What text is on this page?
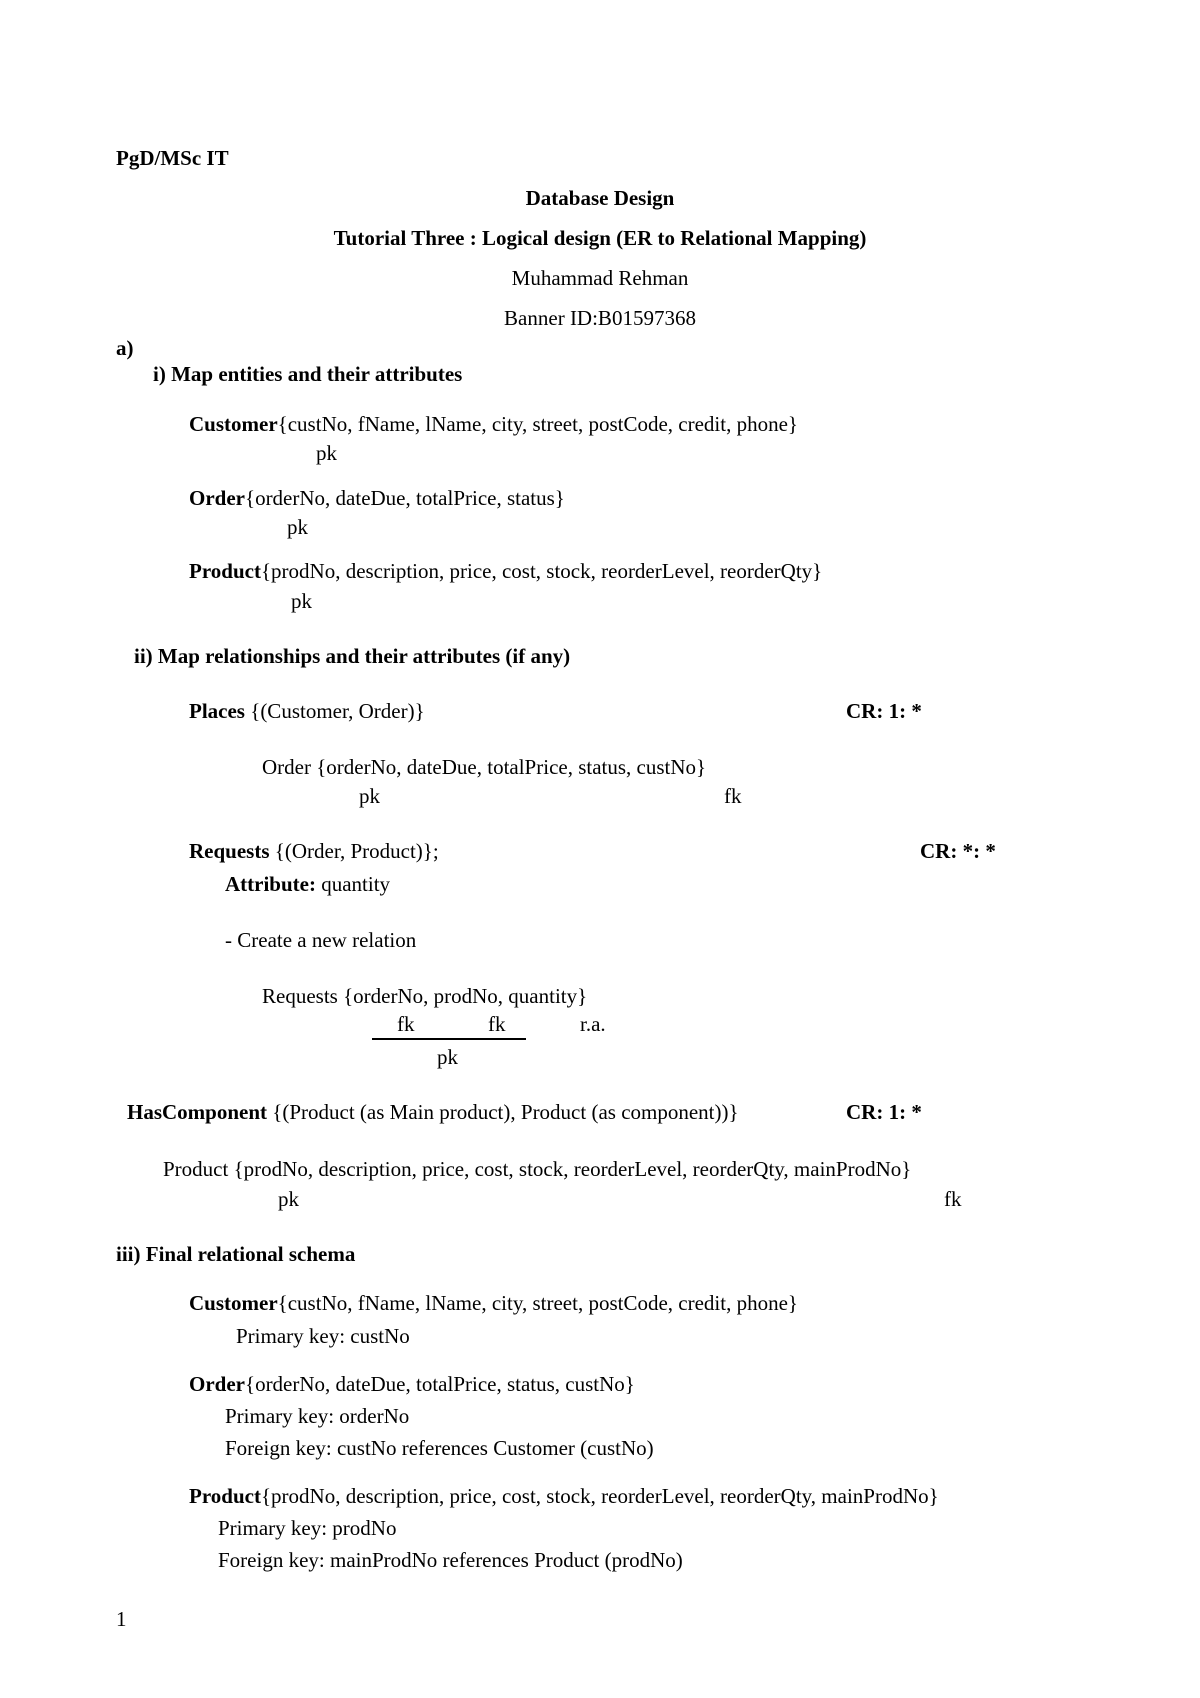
PgD/MSc IT
Database Design
Tutorial Three : Logical design (ER to Relational Mapping)
Muhammad Rehman
Banner ID:B01597368
a)
i) Map entities and their attributes
Customer{custNo, fName, lName, city, street, postCode, credit, phone}
pk
Order{orderNo, dateDue, totalPrice, status}
pk
Product{prodNo, description, price, cost, stock, reorderLevel, reorderQty}
pk
ii) Map relationships and their attributes (if any)
Places {(Customer, Order)}	CR: 1: *
Order {orderNo, dateDue, totalPrice, status, custNo}
pk	fk
Requests {(Order, Product)};	CR: *: *
Attribute: quantity
- Create a new relation
Requests {orderNo, prodNo, quantity}
fk	fk	r.a.
pk
HasComponent {(Product (as Main product), Product (as component))}	CR: 1: *
Product {prodNo, description, price, cost, stock, reorderLevel, reorderQty, mainProdNo}
pk	fk
iii) Final relational schema
Customer{custNo, fName, lName, city, street, postCode, credit, phone}
Primary key: custNo
Order{orderNo, dateDue, totalPrice, status, custNo}
Primary key: orderNo
Foreign key: custNo references Customer (custNo)
Product{prodNo, description, price, cost, stock, reorderLevel, reorderQty, mainProdNo}
Primary key: prodNo
Foreign key: mainProdNo references Product (prodNo)
1
